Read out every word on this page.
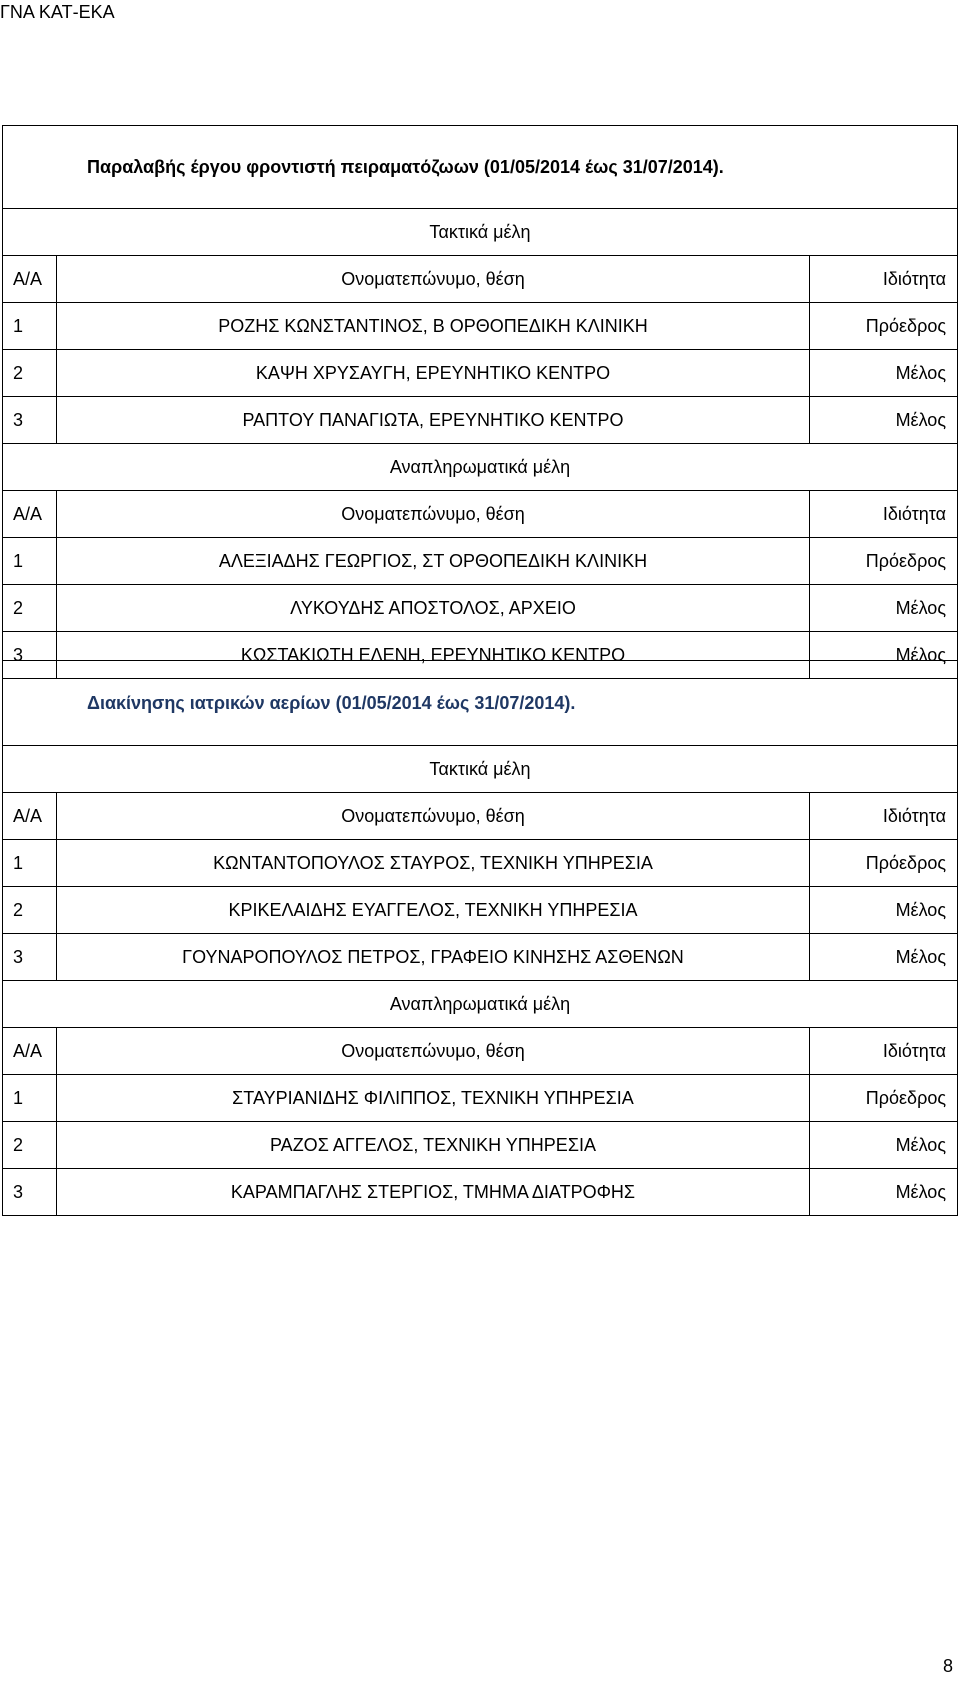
ΓΝΑ ΚΑΤ-ΕΚΑ
Παραλαβής έργου φροντιστή πειραματόζωων (01/05/2014 έως 31/07/2014).		
Τακτικά μέλη		
Α/Α	Ονοματεπώνυμο, θέση	Ιδιότητα
1	ΡΟΖΗΣ ΚΩΝΣΤΑΝΤΙΝΟΣ, Β ΟΡΘΟΠΕΔΙΚΗ ΚΛΙΝΙΚΗ	Πρόεδρος
2	ΚΑΨΗ ΧΡΥΣΑΥΓΗ, ΕΡΕΥΝΗΤΙΚΟ ΚΕΝΤΡΟ	Μέλος
3	ΡΑΠΤΟΥ ΠΑΝΑΓΙΩΤΑ, ΕΡΕΥΝΗΤΙΚΟ ΚΕΝΤΡΟ	Μέλος
Αναπληρωματικά μέλη		
Α/Α	Ονοματεπώνυμο, θέση	Ιδιότητα
1	ΑΛΕΞΙΑΔΗΣ ΓΕΩΡΓΙΟΣ, ΣΤ ΟΡΘΟΠΕΔΙΚΗ ΚΛΙΝΙΚΗ	Πρόεδρος
2	ΛΥΚΟΥΔΗΣ ΑΠΟΣΤΟΛΟΣ, ΑΡΧΕΙΟ	Μέλος
3	ΚΩΣΤΑΚΙΩΤΗ ΕΛΕΝΗ, ΕΡΕΥΝΗΤΙΚΟ ΚΕΝΤΡΟ	Μέλος
Διακίνησης ιατρικών αερίων (01/05/2014 έως 31/07/2014).		
Τακτικά μέλη		
Α/Α	Ονοματεπώνυμο, θέση	Ιδιότητα
1	ΚΩΝΤΑΝΤΟΠΟΥΛΟΣ ΣΤΑΥΡΟΣ, ΤΕΧΝΙΚΗ ΥΠΗΡΕΣΙΑ	Πρόεδρος
2	ΚΡΙΚΕΛΑΙΔΗΣ ΕΥΑΓΓΕΛΟΣ, ΤΕΧΝΙΚΗ ΥΠΗΡΕΣΙΑ	Μέλος
3	ΓΟΥΝΑΡΟΠΟΥΛΟΣ ΠΕΤΡΟΣ, ΓΡΑΦΕΙΟ ΚΙΝΗΣΗΣ ΑΣΘΕΝΩΝ	Μέλος
Αναπληρωματικά μέλη		
Α/Α	Ονοματεπώνυμο, θέση	Ιδιότητα
1	ΣΤΑΥΡΙΑΝΙΔΗΣ ΦΙΛΙΠΠΟΣ, ΤΕΧΝΙΚΗ ΥΠΗΡΕΣΙΑ	Πρόεδρος
2	ΡΑΖΟΣ ΑΓΓΕΛΟΣ, ΤΕΧΝΙΚΗ ΥΠΗΡΕΣΙΑ	Μέλος
3	ΚΑΡΑΜΠΑΓΛΗΣ ΣΤΕΡΓΙΟΣ, ΤΜΗΜΑ ΔΙΑΤΡΟΦΗΣ	Μέλος
8
